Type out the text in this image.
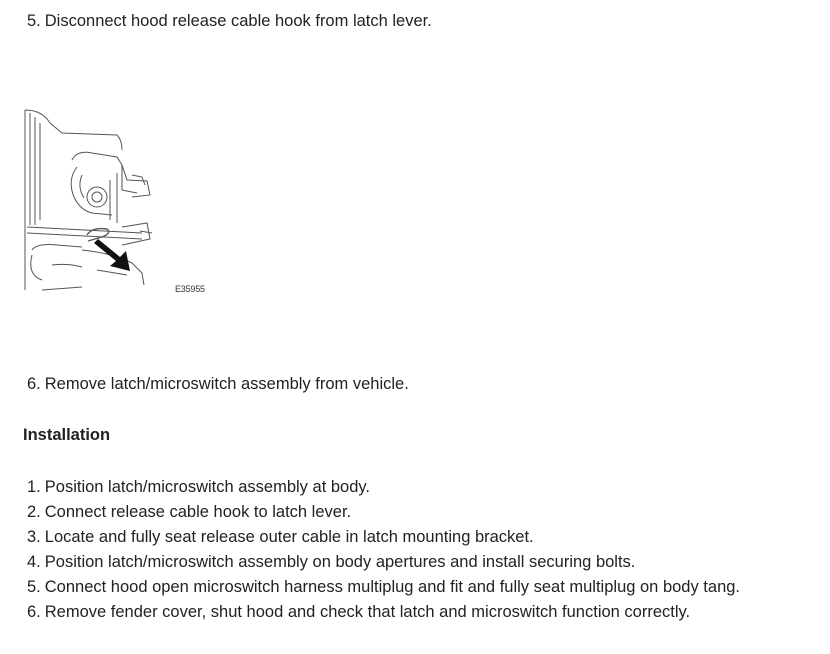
5. Disconnect hood release cable hook from latch lever.
E35955
6. Remove latch/microswitch assembly from vehicle.
Installation
1. Position latch/microswitch assembly at body.
2. Connect release cable hook to latch lever.
3. Locate and fully seat release outer cable in latch mounting bracket.
4. Position latch/microswitch assembly on body apertures and install securing bolts.
5. Connect hood open microswitch harness multiplug and fit and fully seat multiplug on body tang.
6. Remove fender cover, shut hood and check that latch and microswitch function correctly.
